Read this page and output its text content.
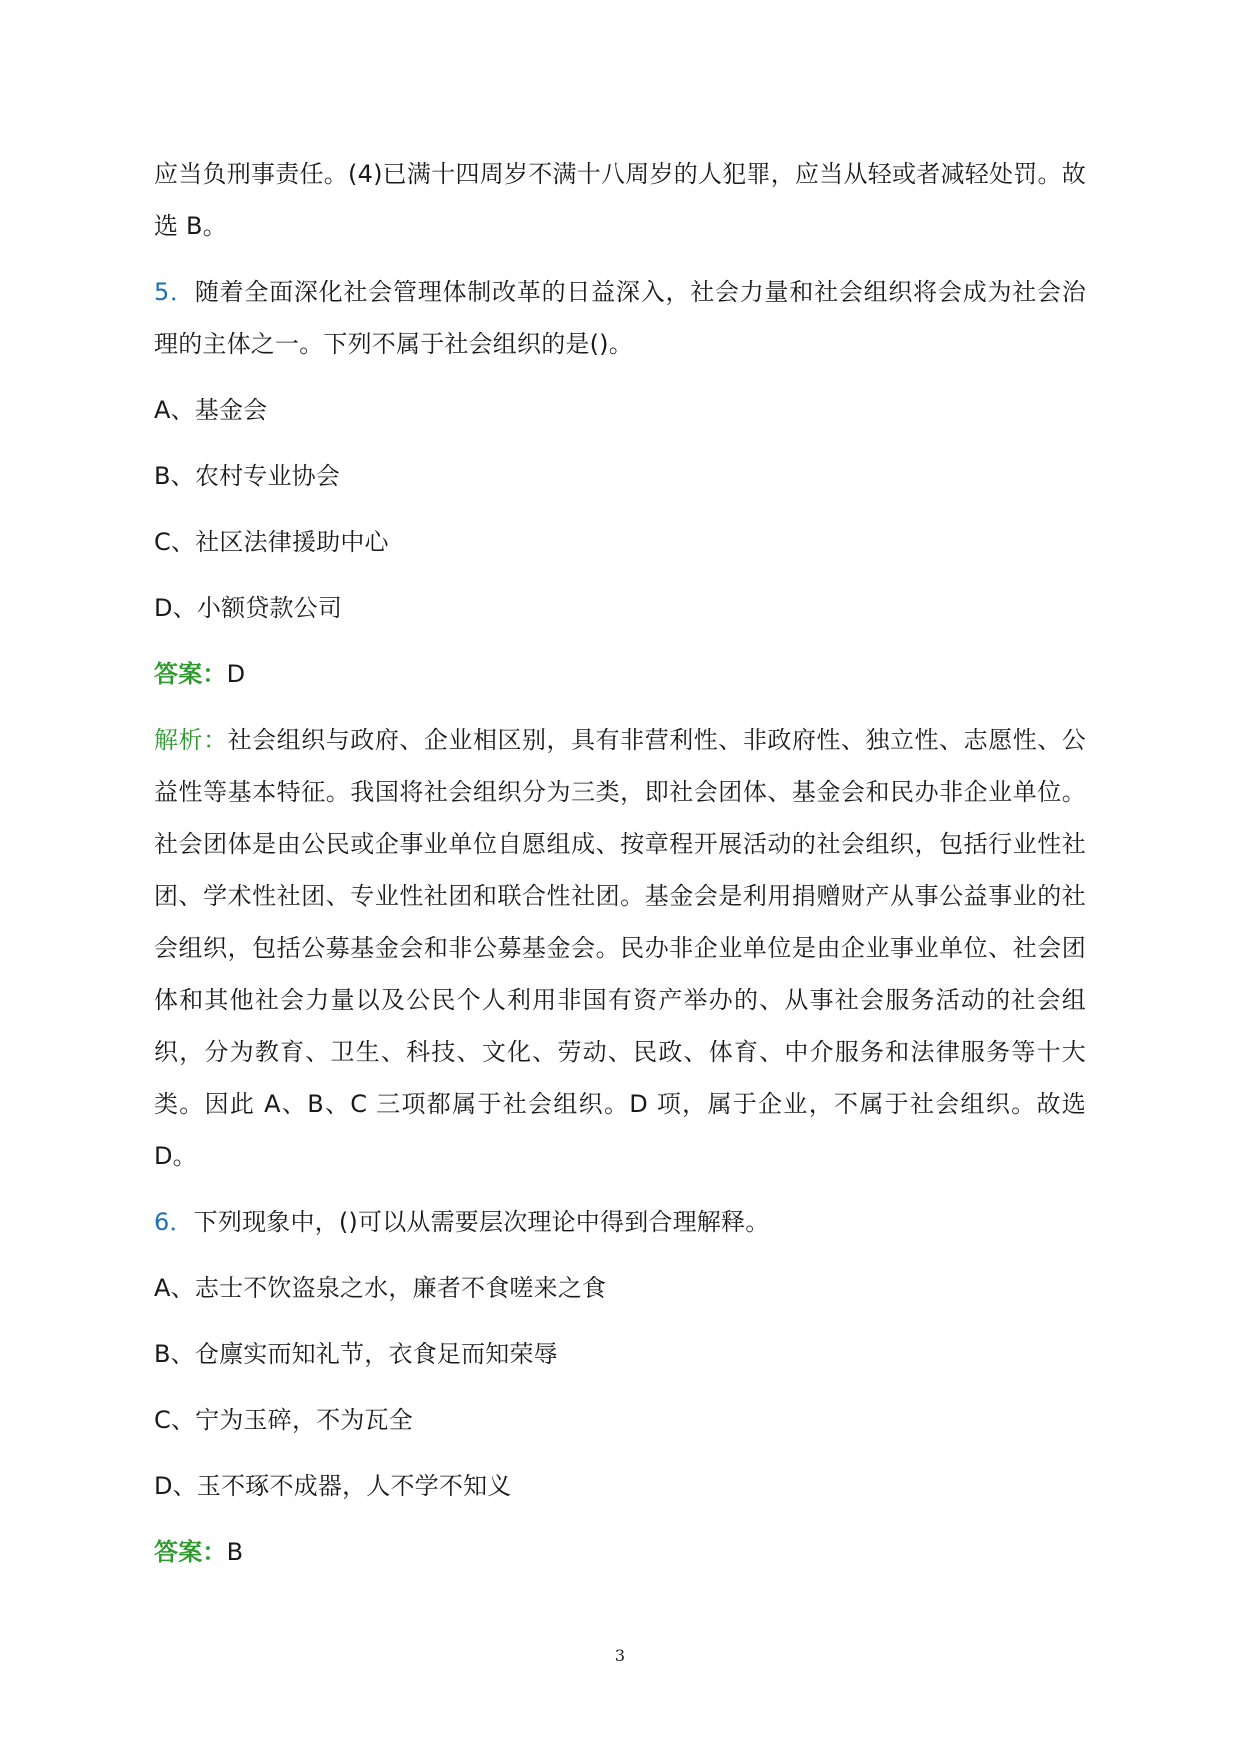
应当负刑事责任。(4)已满十四周岁不满十八周岁的人犯罪，应当从轻或者减轻处罚。故选 B。

5．随着全面深化社会管理体制改革的日益深入，社会力量和社会组织将会成为社会治理的主体之一。下列不属于社会组织的是()。

A、基金会

B、农村专业协会

C、社区法律援助中心

D、小额贷款公司

答案：D

解析：社会组织与政府、企业相区别，具有非营利性、非政府性、独立性、志愿性、公益性等基本特征。我国将社会组织分为三类，即社会团体、基金会和民办非企业单位。社会团体是由公民或企事业单位自愿组成、按章程开展活动的社会组织，包括行业性社团、学术性社团、专业性社团和联合性社团。基金会是利用捐赠财产从事公益事业的社会组织，包括公募基金会和非公募基金会。民办非企业单位是由企业事业单位、社会团体和其他社会力量以及公民个人利用非国有资产举办的、从事社会服务活动的社会组织，分为教育、卫生、科技、文化、劳动、民政、体育、中介服务和法律服务等十大类。因此 A、B、C 三项都属于社会组织。D 项，属于企业，不属于社会组织。故选 D。

6．下列现象中，()可以从需要层次理论中得到合理解释。

A、志士不饮盗泉之水，廉者不食嗟来之食

B、仓廪实而知礼节，衣食足而知荣辱

C、宁为玉碎，不为瓦全

D、玉不琢不成器，人不学不知义

答案：B

3
